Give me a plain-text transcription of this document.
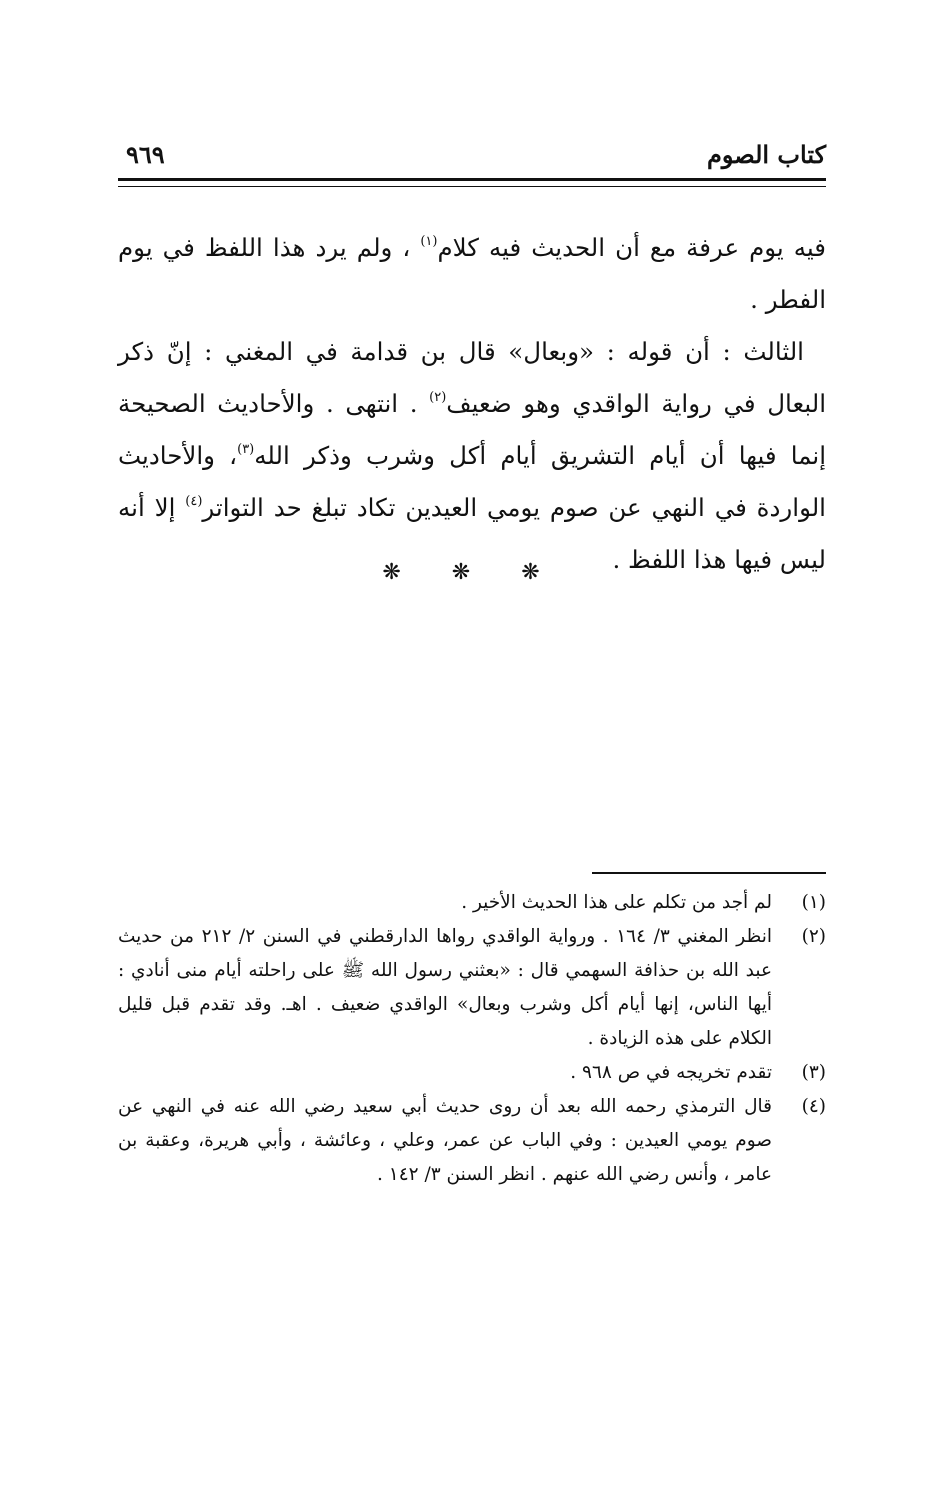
كتاب الصوم
٩٦٩

فيه يوم عرفة مع أن الحديث فيه كلام$^{(١)}$ ، ولم يرد هذا اللفظ في يوم الفطر .

الثالث : أن قوله : «وبعال» قال بن قدامة في المغني : إنّ ذكر البعال في رواية الواقدي وهو ضعيف$^{(٢)}$ . انتهى . والأحاديث الصحيحة إنما فيها أن أيام التشريق أيام أكل وشرب وذكر الله$^{(٣)}$، والأحاديث الواردة في النهي عن صوم يومي العيدين تكاد تبلغ حد التواتر$^{(٤)}$ إلا أنه ليس فيها هذا اللفظ .

❋ ❋ ❋
(١)
لم أجد من تكلم على هذا الحديث الأخير .
(٢)
انظر المغني ٣/ ١٦٤ . ورواية الواقدي رواها الدارقطني في السنن ٢/ ٢١٢ من حديث عبد الله بن حذافة السهمي قال : «بعثني رسول الله ﷺ على راحلته أيام منى أنادي : أيها الناس، إنها أيام أكل وشرب وبعال» الواقدي ضعيف . اهـ. وقد تقدم قبل قليل الكلام على هذه الزيادة .
(٣)
تقدم تخريجه في ص ٩٦٨ .
(٤)
قال الترمذي رحمه الله بعد أن روى حديث أبي سعيد رضي الله عنه في النهي عن صوم يومي العيدين : وفي الباب عن عمر، وعلي ، وعائشة ، وأبي هريرة، وعقبة بن عامر ، وأنس رضي الله عنهم . انظر السنن ٣/ ١٤٢ .
